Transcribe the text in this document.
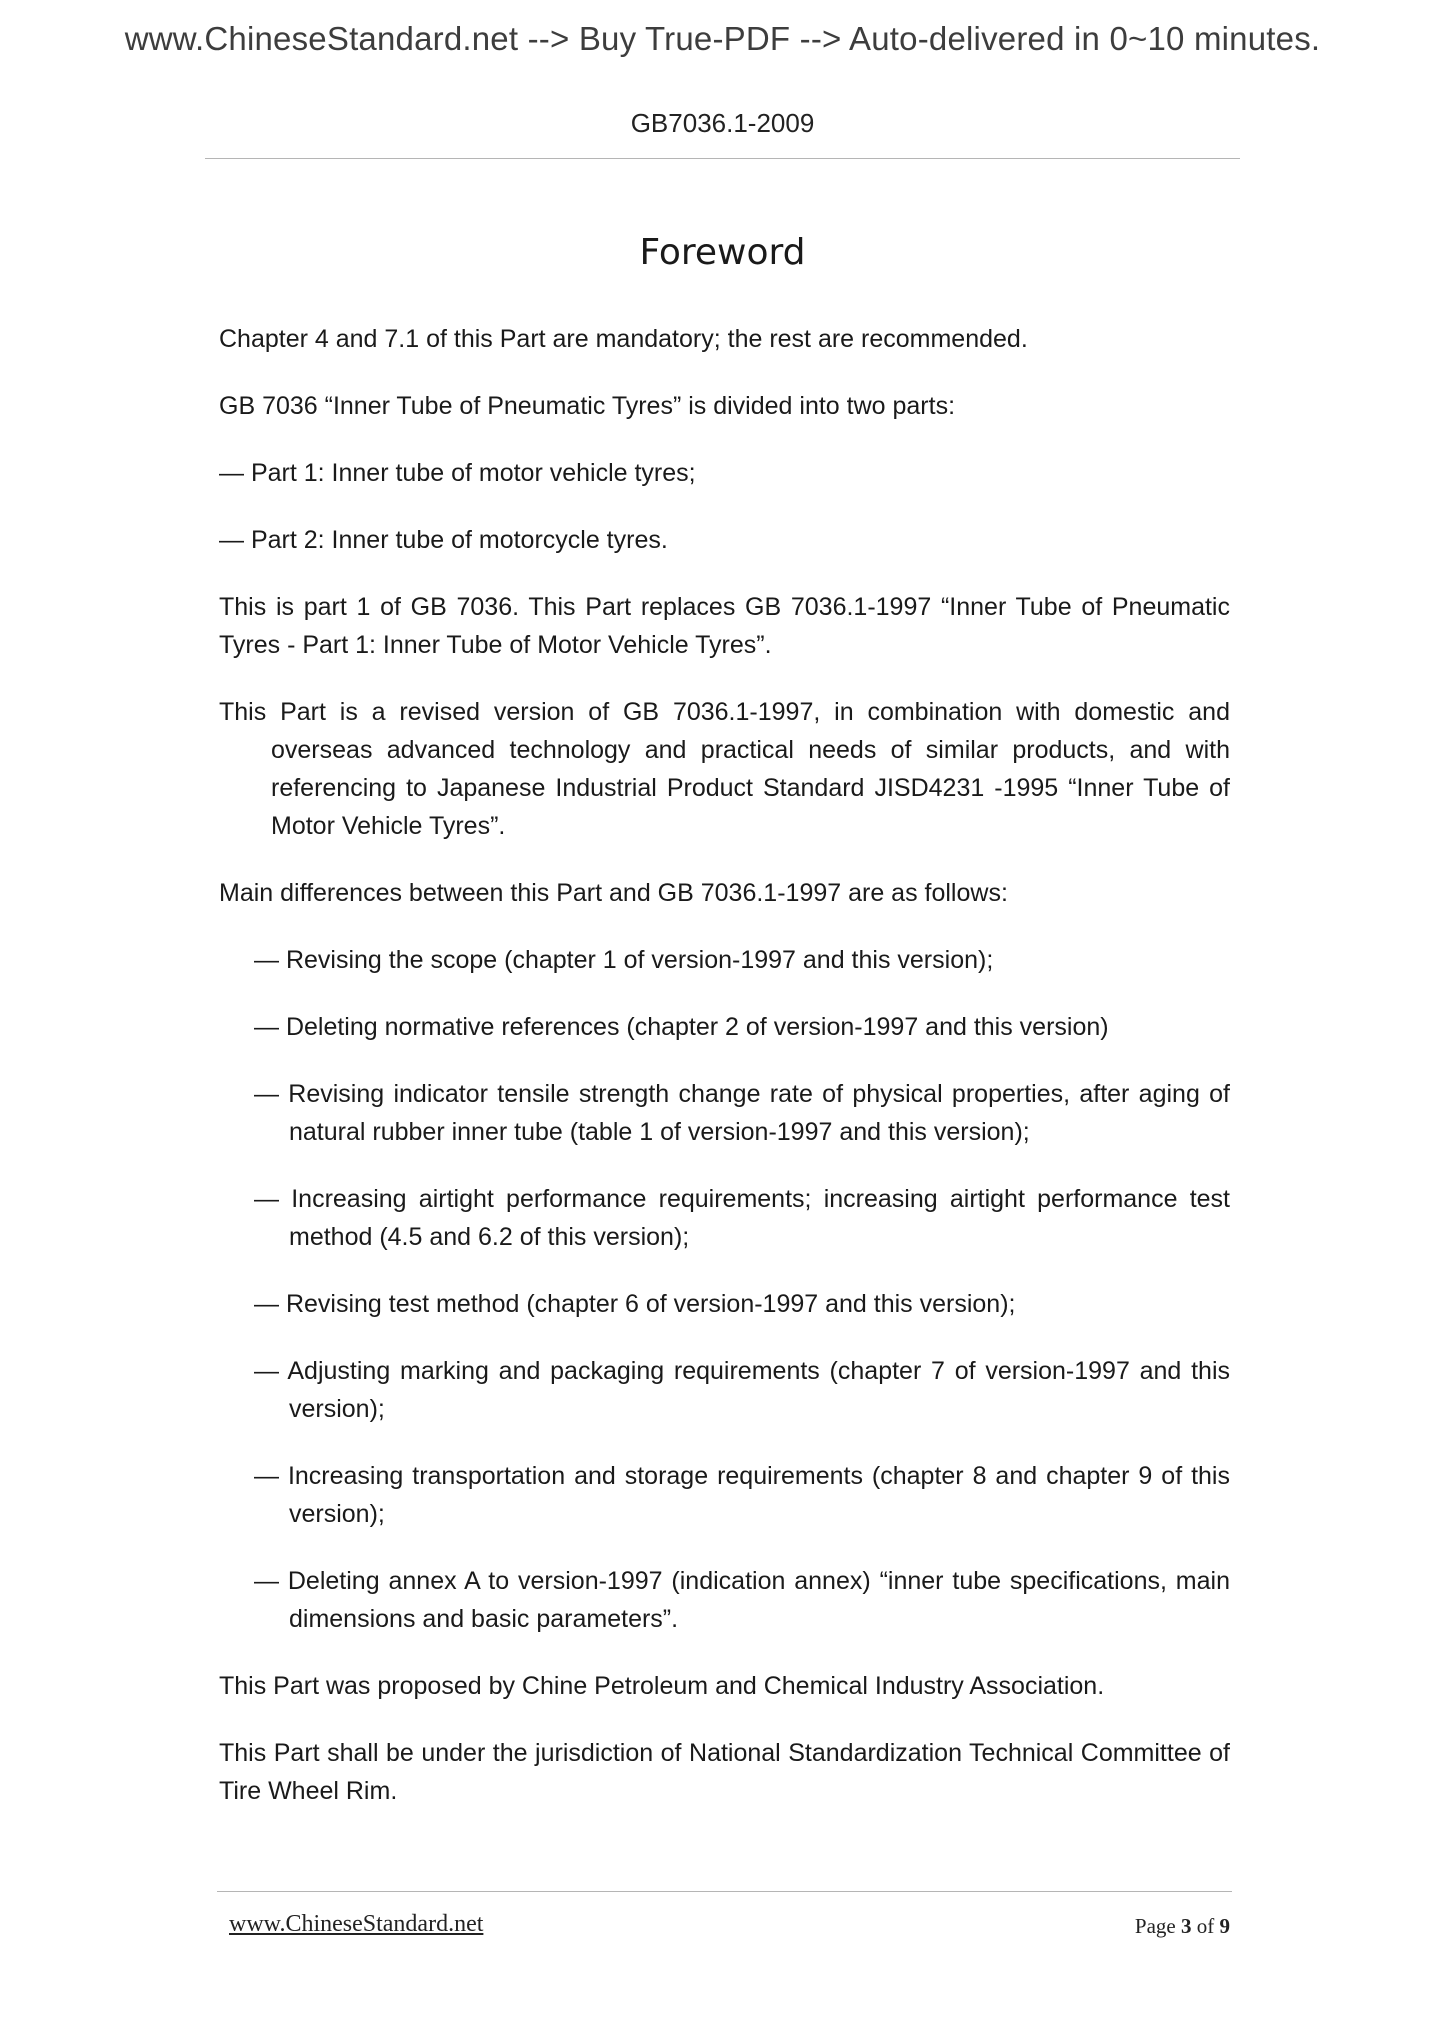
www.ChineseStandard.net --> Buy True-PDF --> Auto-delivered in 0~10 minutes.
GB7036.1-2009
Foreword

Chapter 4 and 7.1 of this Part are mandatory; the rest are recommended.

GB 7036 “Inner Tube of Pneumatic Tyres” is divided into two parts:

— Part 1: Inner tube of motor vehicle tyres;

— Part 2: Inner tube of motorcycle tyres.

This is part 1 of GB 7036. This Part replaces GB 7036.1-1997 “Inner Tube of Pneumatic Tyres - Part 1: Inner Tube of Motor Vehicle Tyres”.

This Part is a revised version of GB 7036.1-1997, in combination with domestic and overseas advanced technology and practical needs of similar products, and with referencing to Japanese Industrial Product Standard JISD4231 -1995 “Inner Tube of Motor Vehicle Tyres”.

Main differences between this Part and GB 7036.1-1997 are as follows:

— Revising the scope (chapter 1 of version-1997 and this version);

— Deleting normative references (chapter 2 of version-1997 and this version)

— Revising indicator tensile strength change rate of physical properties, after aging of natural rubber inner tube (table 1 of version-1997 and this version);

— Increasing airtight performance requirements; increasing airtight performance test method (4.5 and 6.2 of this version);

— Revising test method (chapter 6 of version-1997 and this version);

— Adjusting marking and packaging requirements (chapter 7 of version-1997 and this version);

— Increasing transportation and storage requirements (chapter 8 and chapter 9 of this version);

— Deleting annex A to version-1997 (indication annex) “inner tube specifications, main dimensions and basic parameters”.

This Part was proposed by Chine Petroleum and Chemical Industry Association.

This Part shall be under the jurisdiction of National Standardization Technical Committee of Tire Wheel Rim.

www.ChineseStandard.net	Page 3 of 9
